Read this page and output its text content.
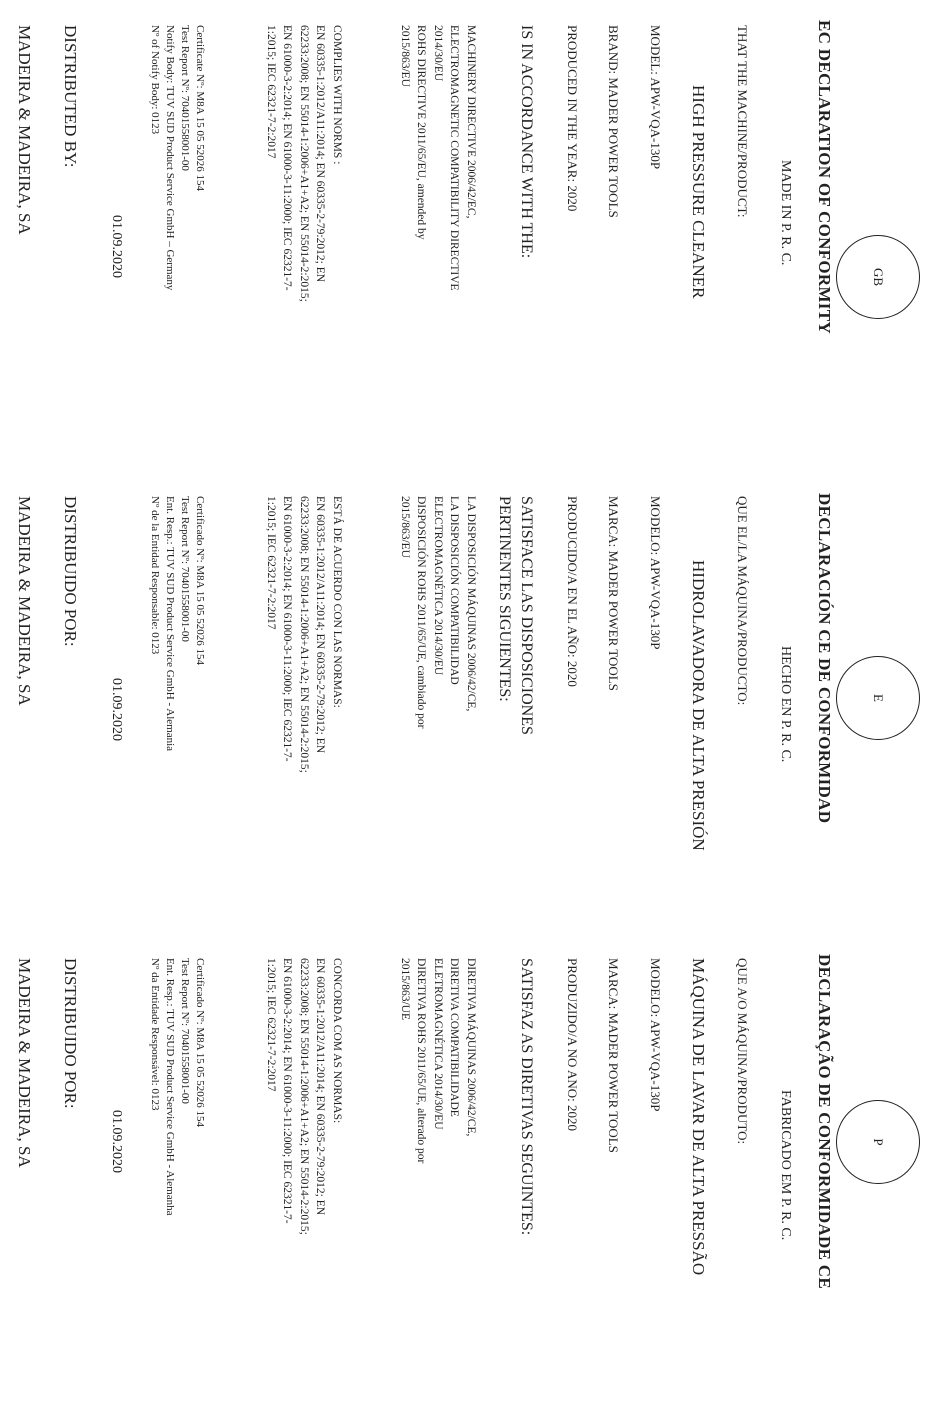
GB
EC DECLARATION OF CONFORMITY

MADE IN P. R. C.

THAT THE MACHINE/PRODUCT:

HIGH PRESSURE CLEANER

MODEL: APW-VQA-130P

BRAND: MADER POWER TOOLS

PRODUCED IN THE YEAR: 2020

IS IN ACCORDANCE WITH THE:

MACHINERY DIRECTIVE 2006/42/EC,
ELECTROMAGNETIC COMPATIBILITY DIRECTIVE
2014/30/EU
ROHS DIRECTIVE 2011/65/EU, amended by
2015/863/EU

COMPLIES WITH NORMS :
EN 60335-1:2012/A11:2014; EN 60335-2-79:2012; EN
62233:2008; EN 55014-1:2006+A1+A2; EN 55014-2:2015;
EN 61000-3-2:2014; EN 61000-3-11:2000; IEC 62321-7-
1:2015; IEC 62321-7-2:2017

Certificate Nº: M8A 15 05 52026 154
Test Report Nº: 70401558001-00
Notify Body: TUV SUD Product Service GmbH – Germany
Nº of Notify Body: 0123

01.09.2020

DISTRIBUTED BY:

MADEIRA & MADEIRA, SA

E
DECLARACIÓN CE DE CONFORMIDAD

HECHO EN P. R. C.

QUE EL/LA MÁQUINA/PRODUCTO:

HIDROLAVADORA DE ALTA PRESIÓN

MODELO: APW-VQA-130P

MARCA: MADER POWER TOOLS

PRODUCIDO/A EN EL AÑO: 2020

SATISFACE LAS DISPOSICIONES
PERTINENTES SIGUIENTES:

LA DISPOSICIÓN MÁQUINAS 2006/42/CE,
LA DISPOSICIÓN COMPATIBILIDAD
ELECTROMAGNÉTICA 2014/30/EU
DISPOSICIÓN ROHS 2011/65/UE, cambiado por
2015/863/EU

ESTÁ DE ACUERDO CON LAS NORMAS:
EN 60335-1:2012/A11:2014; EN 60335-2-79:2012; EN
62233:2008; EN 55014-1:2006+A1+A2; EN 55014-2:2015;
EN 61000-3-2:2014; EN 61000-3-11:2000; IEC 62321-7-
1:2015; IEC 62321-7-2:2017

Certificado Nº: M8A 15 05 52026 154
Test Report Nº: 70401558001-00
Ent. Resp.: TUV SUD Product Service GmbH - Alemania
Nº de la Entidad Responsable: 0123

01.09.2020

DISTRIBUIDO POR:

MADEIRA & MADEIRA, SA

P
DECLARAÇÃO DE CONFORMIDADE CE

FABRICADO EM P. R. C.

QUE A/O MÁQUINA/PRODUTO:

MÁQUINA DE LAVAR DE ALTA PRESSÃO

MODELO: APW-VQA-130P

MARCA: MADER POWER TOOLS

PRODUZIDO/A NO ANO: 2020

SATISFAZ AS DIRETIVAS SEGUINTES:

DIRETIVA MÁQUINAS 2006/42/CE,
DIRETIVA COMPATIBILIDADE
ELETROMAGNÉTICA 2014/30/EU
DIRETIVA ROHS 2011/65/UE, alterado por
2015/863/UE

CONCORDA COM AS NORMAS:
EN 60335-1:2012/A11:2014; EN 60335-2-79:2012; EN
62233:2008; EN 55014-1:2006+A1+A2; EN 55014-2:2015;
EN 61000-3-2:2014; EN 61000-3-11:2000; IEC 62321-7-
1:2015; IEC 62321-7-2:2017

Certificado Nº: M8A 15 05 52026 154
Test Report Nº: 70401558001-00
Ent. Resp.: TUV SUD Product Service GmbH - Alemanha
Nº da Entidade Responsável: 0123

01.09.2020

DISTRIBUIDO POR:

MADEIRA & MADEIRA, SA
